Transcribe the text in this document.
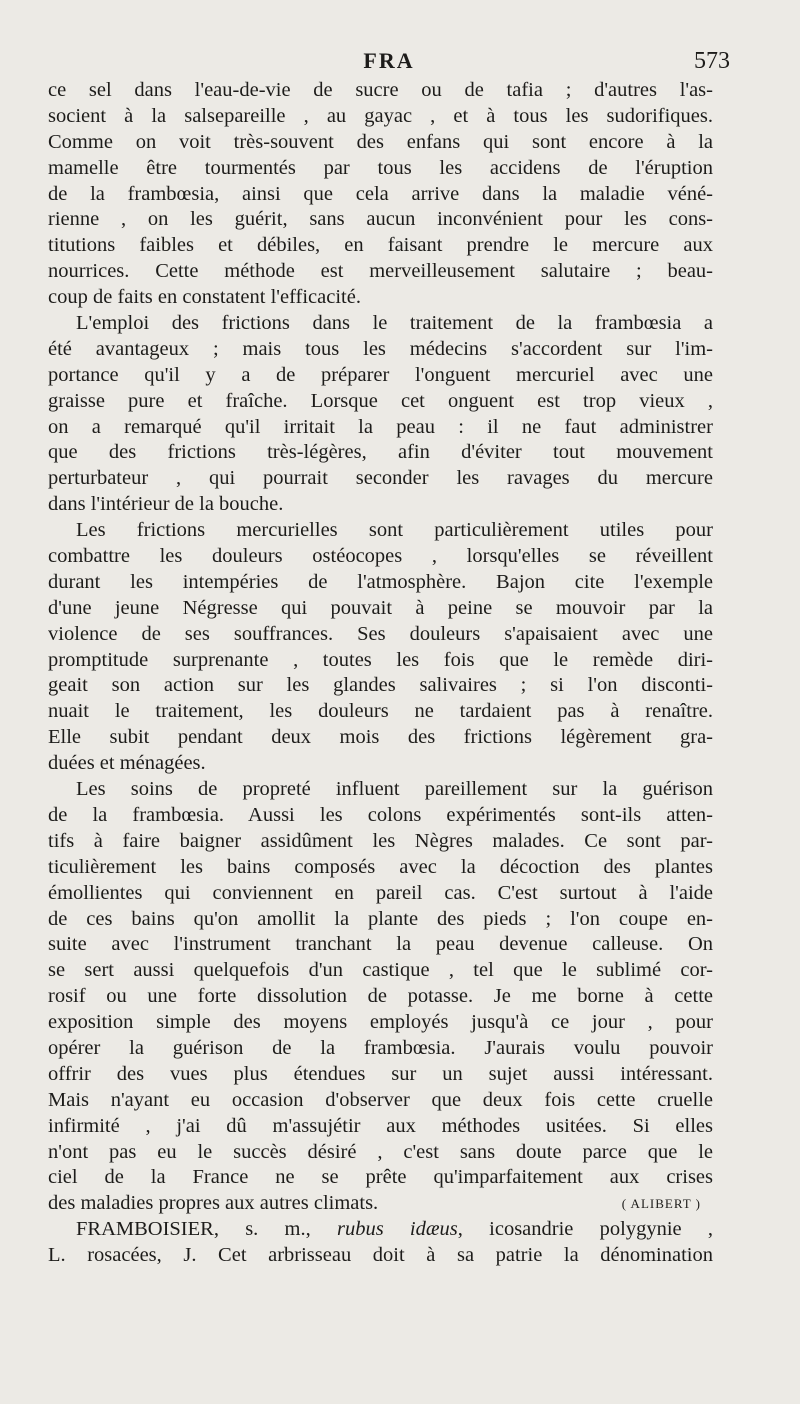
FRA	573
ce sel dans l'eau-de-vie de sucre ou de tafia ; d'autres l'as-
socient à la salsepareille , au gayac , et à tous les sudorifiques.
Comme on voit très-souvent des enfans qui sont encore à la
mamelle être tourmentés par tous les accidens de l'éruption
de la frambœsia, ainsi que cela arrive dans la maladie véné-
rienne , on les guérit, sans aucun inconvénient pour les cons-
titutions faibles et débiles, en faisant prendre le mercure aux
nourrices. Cette méthode est merveilleusement salutaire ; beau-
coup de faits en constatent l'efficacité.
L'emploi des frictions dans le traitement de la frambœsia a
été avantageux ; mais tous les médecins s'accordent sur l'im-
portance qu'il y a de préparer l'onguent mercuriel avec une
graisse pure et fraîche. Lorsque cet onguent est trop vieux ,
on a remarqué qu'il irritait la peau : il ne faut administrer
que des frictions très-légères, afin d'éviter tout mouvement
perturbateur , qui pourrait seconder les ravages du mercure
dans l'intérieur de la bouche.
Les frictions mercurielles sont particulièrement utiles pour
combattre les douleurs ostéocopes , lorsqu'elles se réveillent
durant les intempéries de l'atmosphère. Bajon cite l'exemple
d'une jeune Négresse qui pouvait à peine se mouvoir par la
violence de ses souffrances. Ses douleurs s'apaisaient avec une
promptitude surprenante , toutes les fois que le remède diri-
geait son action sur les glandes salivaires ; si l'on disconti-
nuait le traitement, les douleurs ne tardaient pas à renaître.
Elle subit pendant deux mois des frictions légèrement gra-
duées et ménagées.
Les soins de propreté influent pareillement sur la guérison
de la frambœsia. Aussi les colons expérimentés sont-ils atten-
tifs à faire baigner assidûment les Nègres malades. Ce sont par-
ticulièrement les bains composés avec la décoction des plantes
émollientes qui conviennent en pareil cas. C'est surtout à l'aide
de ces bains qu'on amollit la plante des pieds ; l'on coupe en-
suite avec l'instrument tranchant la peau devenue calleuse. On
se sert aussi quelquefois d'un castique , tel que le sublimé cor-
rosif ou une forte dissolution de potasse. Je me borne à cette
exposition simple des moyens employés jusqu'à ce jour , pour
opérer la guérison de la frambœsia. J'aurais voulu pouvoir
offrir des vues plus étendues sur un sujet aussi intéressant.
Mais n'ayant eu occasion d'observer que deux fois cette cruelle
infirmité , j'ai dû m'assujétir aux méthodes usitées. Si elles
n'ont pas eu le succès désiré , c'est sans doute parce que le
ciel de la France ne se prête qu'imparfaitement aux crises
des maladies propres aux autres climats.	( ALIBERT )
FRAMBOISIER, s. m., rubus idæus, icosandrie polygynie ,
L. rosacées, J. Cet arbrisseau doit à sa patrie la dénomination
